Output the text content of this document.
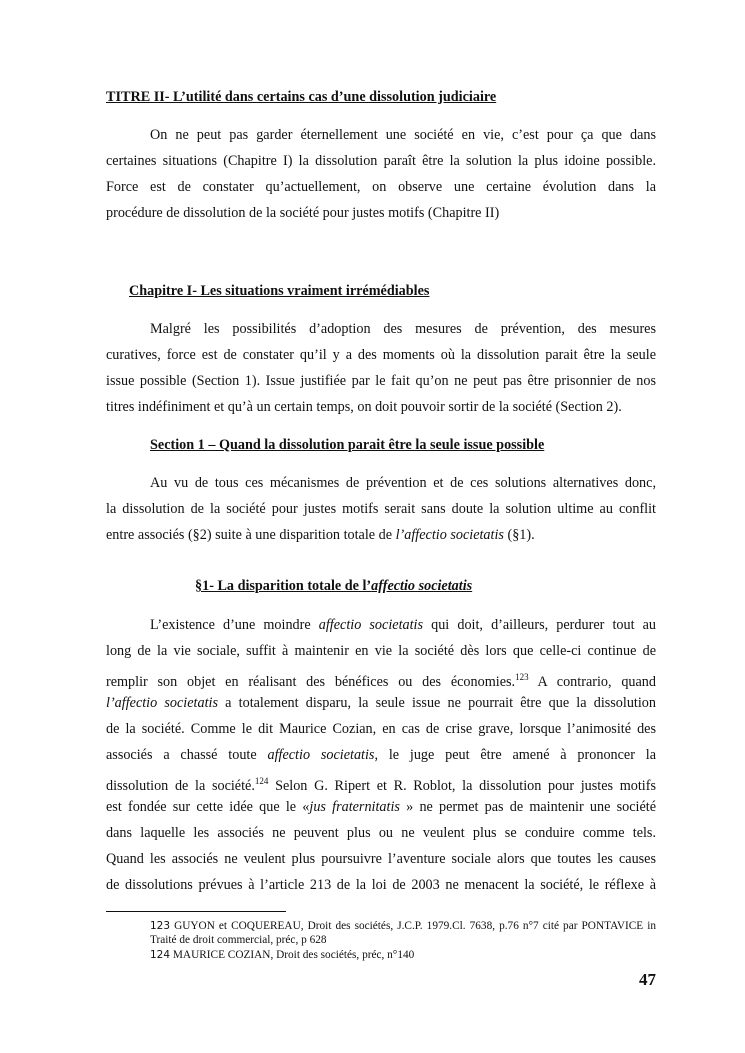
TITRE II- L’utilité dans certains cas d’une dissolution judiciaire

On ne peut pas garder éternellement une société en vie, c’est pour ça que dans
certaines situations (Chapitre I) la dissolution paraît être la solution la plus idoine possible.
Force est de constater qu’actuellement, on observe une certaine évolution dans la
procédure de dissolution de la société pour justes motifs (Chapitre II)

Chapitre I- Les situations vraiment irrémédiables

Malgré les possibilités d’adoption des mesures de prévention, des mesures
curatives, force est de constater qu’il y a des moments où la dissolution parait être la seule
issue possible (Section 1). Issue justifiée par le fait qu’on ne peut pas être prisonnier de nos
titres indéfiniment et qu’à un certain temps, on doit pouvoir sortir de la société (Section 2).

Section 1 – Quand la dissolution parait être la seule issue possible

Au vu de tous ces mécanismes de prévention et de ces solutions alternatives donc,
la dissolution de la société pour justes motifs serait sans doute la solution ultime au conflit
entre associés (§2) suite à une disparition totale de l’affectio societatis (§1).

§1- La disparition totale de l’affectio societatis

L’existence d’une moindre affectio societatis qui doit, d’ailleurs, perdurer tout au
long de la vie sociale, suffit à maintenir en vie la société dès lors que celle-ci continue de
remplir son objet en réalisant des bénéfices ou des économies.$^{123}$ A contrario, quand
l’affectio societatis a totalement disparu, la seule issue ne pourrait être que la dissolution
de la société. Comme le dit Maurice Cozian, en cas de crise grave, lorsque l’animosité des
associés a chassé toute affectio societatis, le juge peut être amené à prononcer la
dissolution de la société.$^{124}$ Selon G. Ripert et R. Roblot, la dissolution pour justes motifs
est fondée sur cette idée que le «jus fraternitatis » ne permet pas de maintenir une société
dans laquelle les associés ne peuvent plus ou ne veulent plus se conduire comme tels.
Quand les associés ne veulent plus poursuivre l’aventure sociale alors que toutes les causes
de dissolutions prévues à l’article 213 de la loi de 2003 ne menacent la société, le réflexe à

123 GUYON et COQUEREAU, Droit des sociétés, J.C.P. 1979.Cl. 7638, p.76 n°7 cité par PONTAVICE in Traité de droit commercial, préc, p 628

124 MAURICE COZIAN, Droit des sociétés, préc, n°140

47
